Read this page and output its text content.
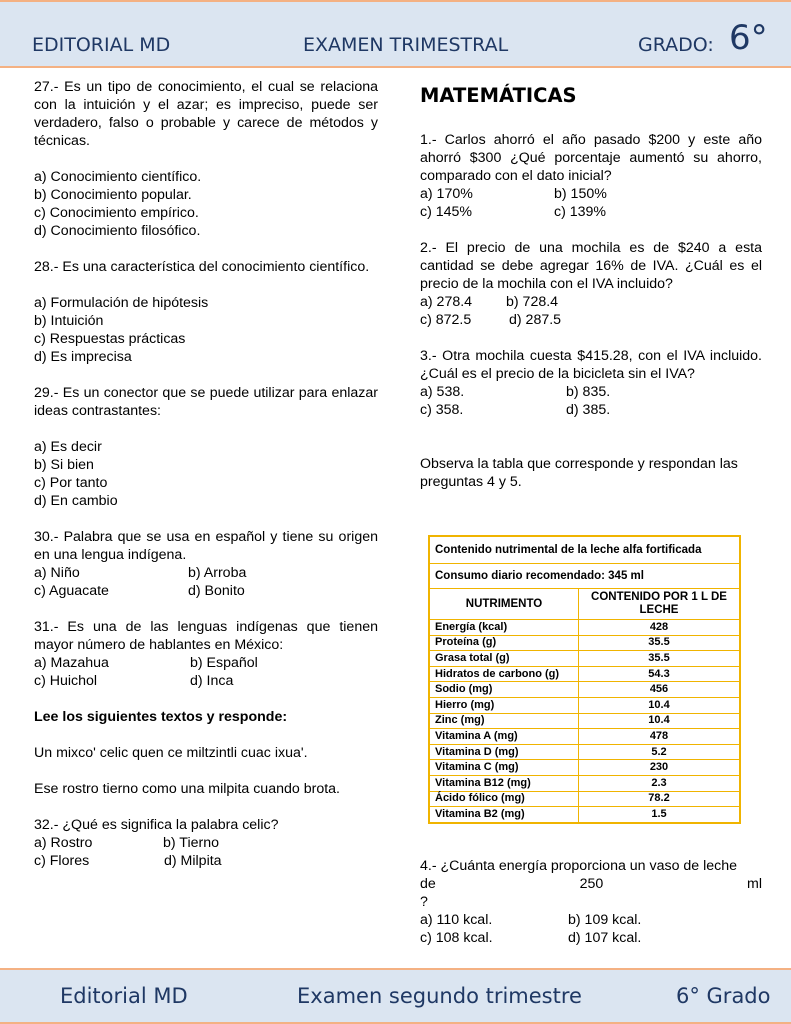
EDITORIAL MD	EXAMEN TRIMESTRAL	GRADO: 6°

27.- Es un tipo de conocimiento, el cual se relaciona con la intuición y el azar; es impreciso, puede ser verdadero, falso o probable y carece de métodos y técnicas.

a) Conocimiento científico.

b) Conocimiento popular.

c) Conocimiento empírico.

d) Conocimiento filosófico.

28.- Es una característica del conocimiento científico.

a) Formulación de hipótesis

b) Intuición

c) Respuestas prácticas

d) Es imprecisa

29.- Es un conector que se puede utilizar para enlazar ideas contrastantes:

a) Es decir

b) Si bien

c) Por tanto

d) En cambio

30.- Palabra que se usa en español y tiene su origen en una lengua indígena.

a) Niño	b) Arroba
c) Aguacate	d) Bonito

31.- Es una de las lenguas indígenas que tienen mayor número de hablantes en México:

a) Mazahua	b) Español
c) Huichol	d) Inca

Lee los siguientes textos y responde:

Un mixco' celic quen ce miltzintli cuac ixua'.

Ese rostro tierno como una milpita cuando brota.

32.- ¿Qué es significa la palabra celic?

a) Rostro	b) Tierno
c) Flores	d) Milpita
MATEMÁTICAS

1.- Carlos ahorró el año pasado $200 y este año ahorró $300 ¿Qué porcentaje aumentó su ahorro, comparado con el dato inicial?

a) 170%	b) 150%
c) 145%	c) 139%

2.- El precio de una mochila es de $240 a esta cantidad se debe agregar 16% de IVA. ¿Cuál es el precio de la mochila con el IVA incluido?

a) 278.4	b) 728.4
c) 872.5	d) 287.5

3.- Otra mochila cuesta $415.28, con el IVA incluido. ¿Cuál es el precio de la bicicleta sin el IVA?

a) 538.	b) 835.
c) 358.	d) 385.

Observa la tabla que corresponde y respondan las preguntas 4 y 5.

Contenido nutrimental de la leche alfa fortificada	
Consumo diario recomendado: 345 ml	
NUTRIMENTO	CONTENIDO POR 1 L DE LECHE
Energía (kcal)	428
Proteína (g)	35.5
Grasa total (g)	35.5
Hidratos de carbono (g)	54.3
Sodio (mg)	456
Hierro (mg)	10.4
Zinc (mg)	10.4
Vitamina A (mg)	478
Vitamina D (mg)	5.2
Vitamina C (mg)	230
Vitamina B12 (mg)	2.3
Ácido fólico (mg)	78.2
Vitamina B2 (mg)	1.5

4.- ¿Cuánta energía proporciona un vaso de leche

de	250	ml

?

a) 110 kcal.	b) 109 kcal.
c) 108 kcal.	d) 107 kcal.
Editorial MD	Examen segundo trimestre	6° Grado
